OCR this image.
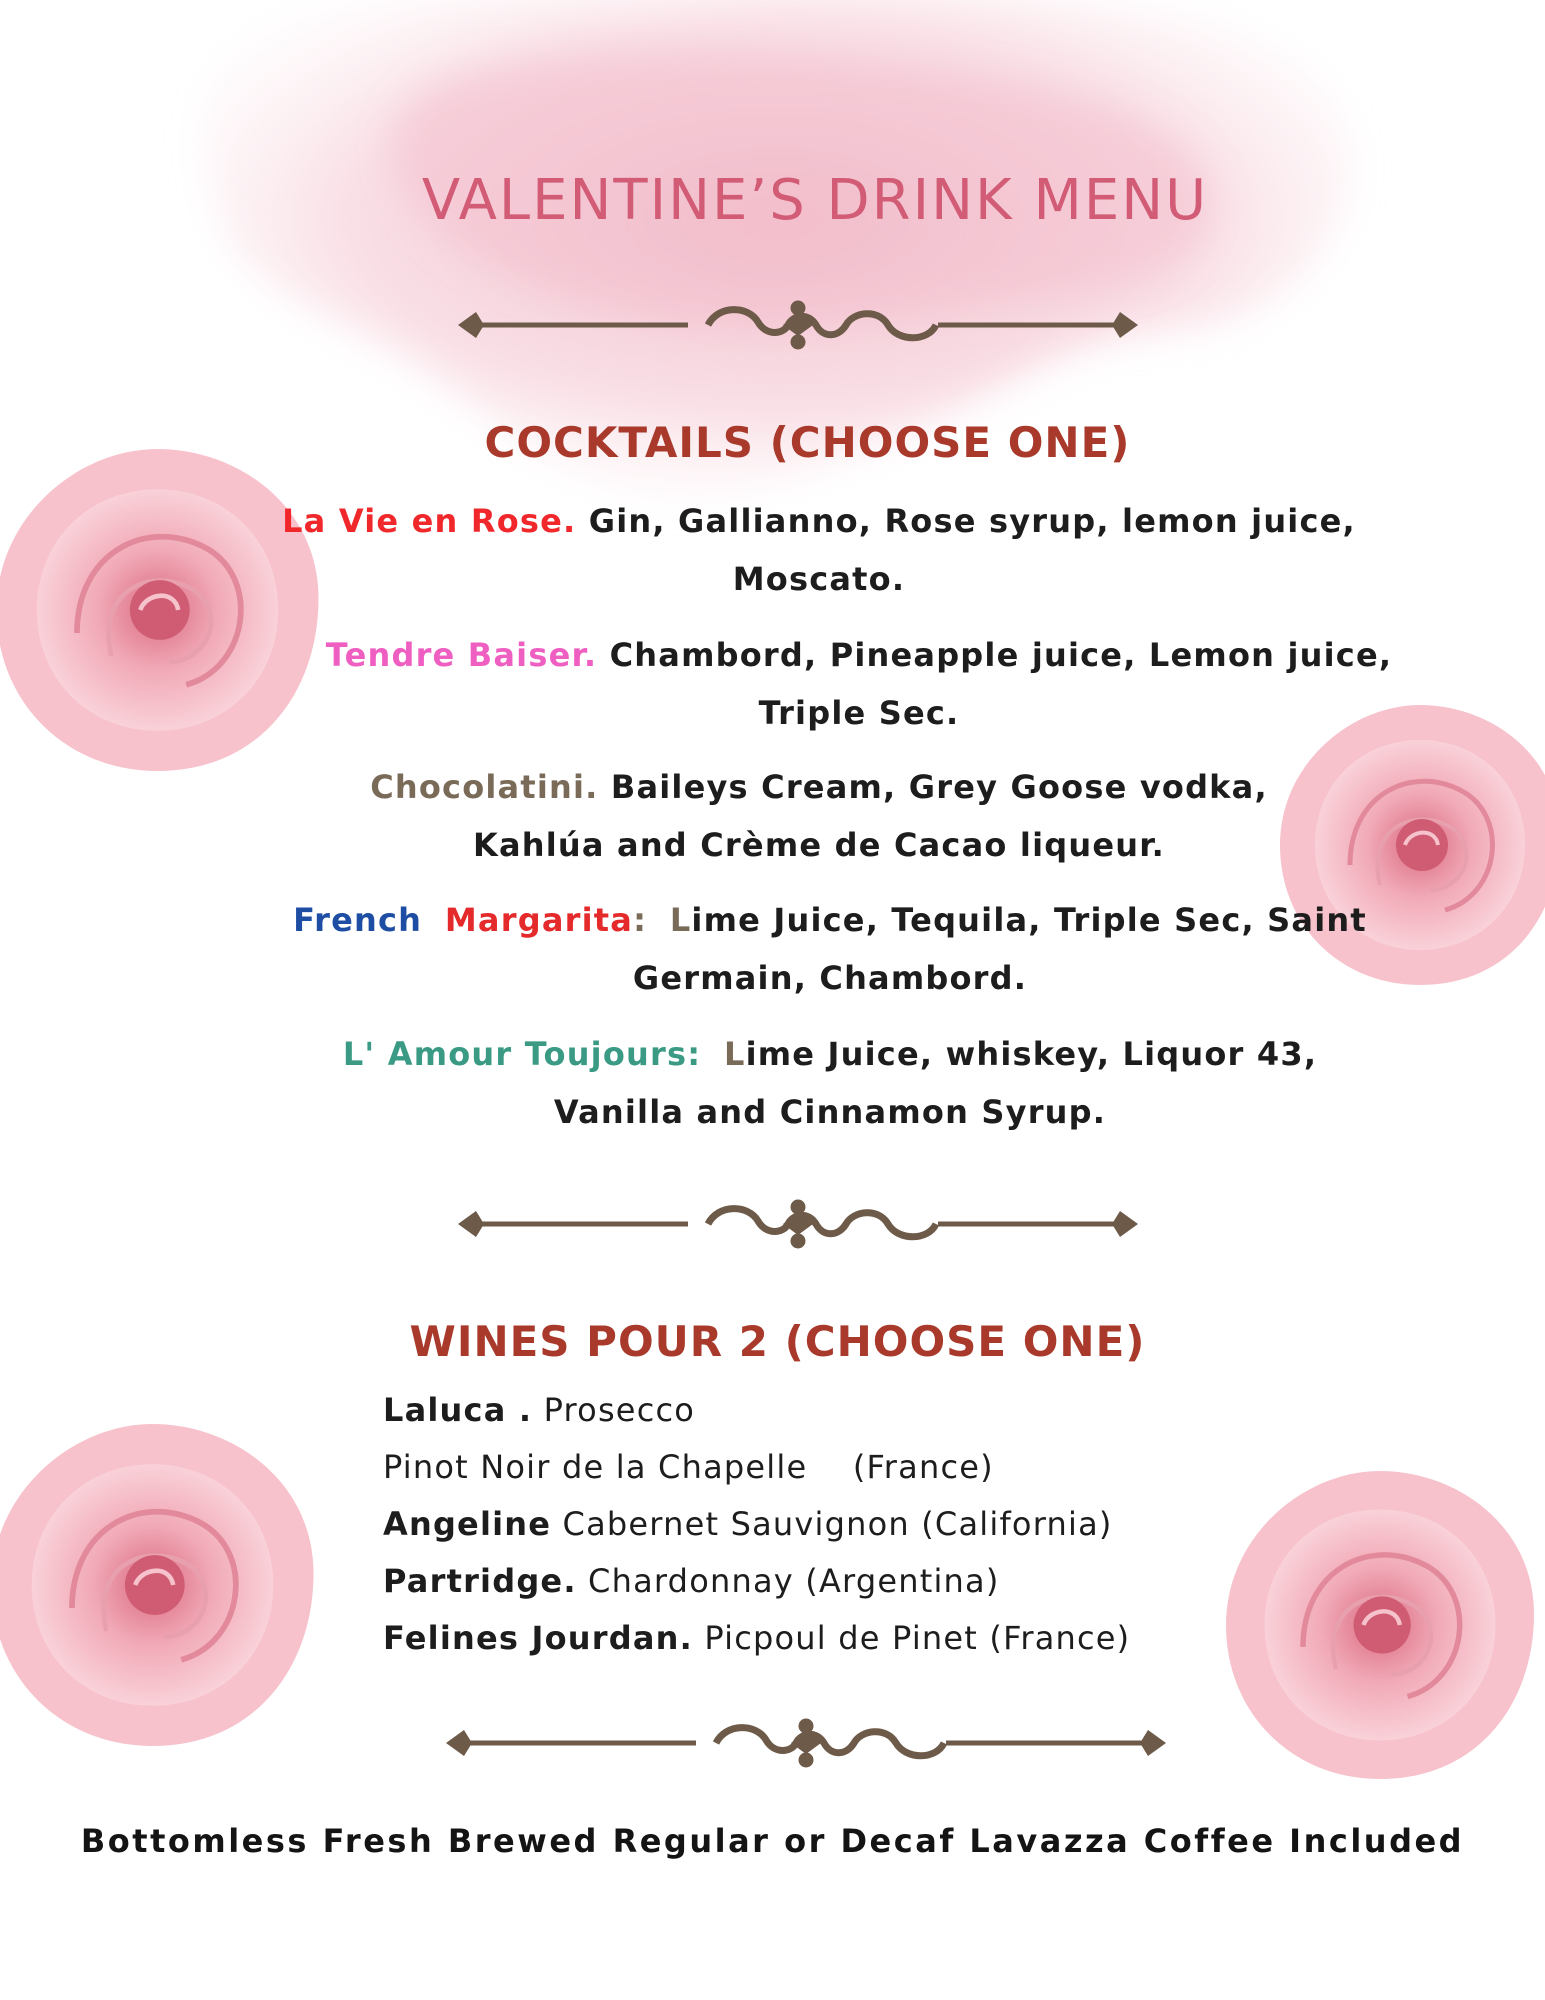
VALENTINE’S DRINK MENU
COCKTAILS (CHOOSE ONE)

La Vie en Rose. Gin, Gallianno, Rose syrup, lemon juice, Moscato.

Tendre Baiser. Chambord, Pineapple juice, Lemon juice, Triple Sec.

Chocolatini. Baileys Cream, Grey Goose vodka, Kahlúa and Crème de Cacao liqueur.

French Margarita: Lime Juice, Tequila, Triple Sec, Saint Germain, Chambord.

L' Amour Toujours: Lime Juice, whiskey, Liquor 43, Vanilla and Cinnamon Syrup.

WINES POUR 2 (CHOOSE ONE)
Laluca . Prosecco
Pinot Noir de la Chapelle    (France)
Angeline Cabernet Sauvignon (California)
Partridge. Chardonnay (Argentina)
Felines Jourdan. Picpoul de Pinet (France)

Bottomless Fresh Brewed Regular or Decaf Lavazza Coffee Included
